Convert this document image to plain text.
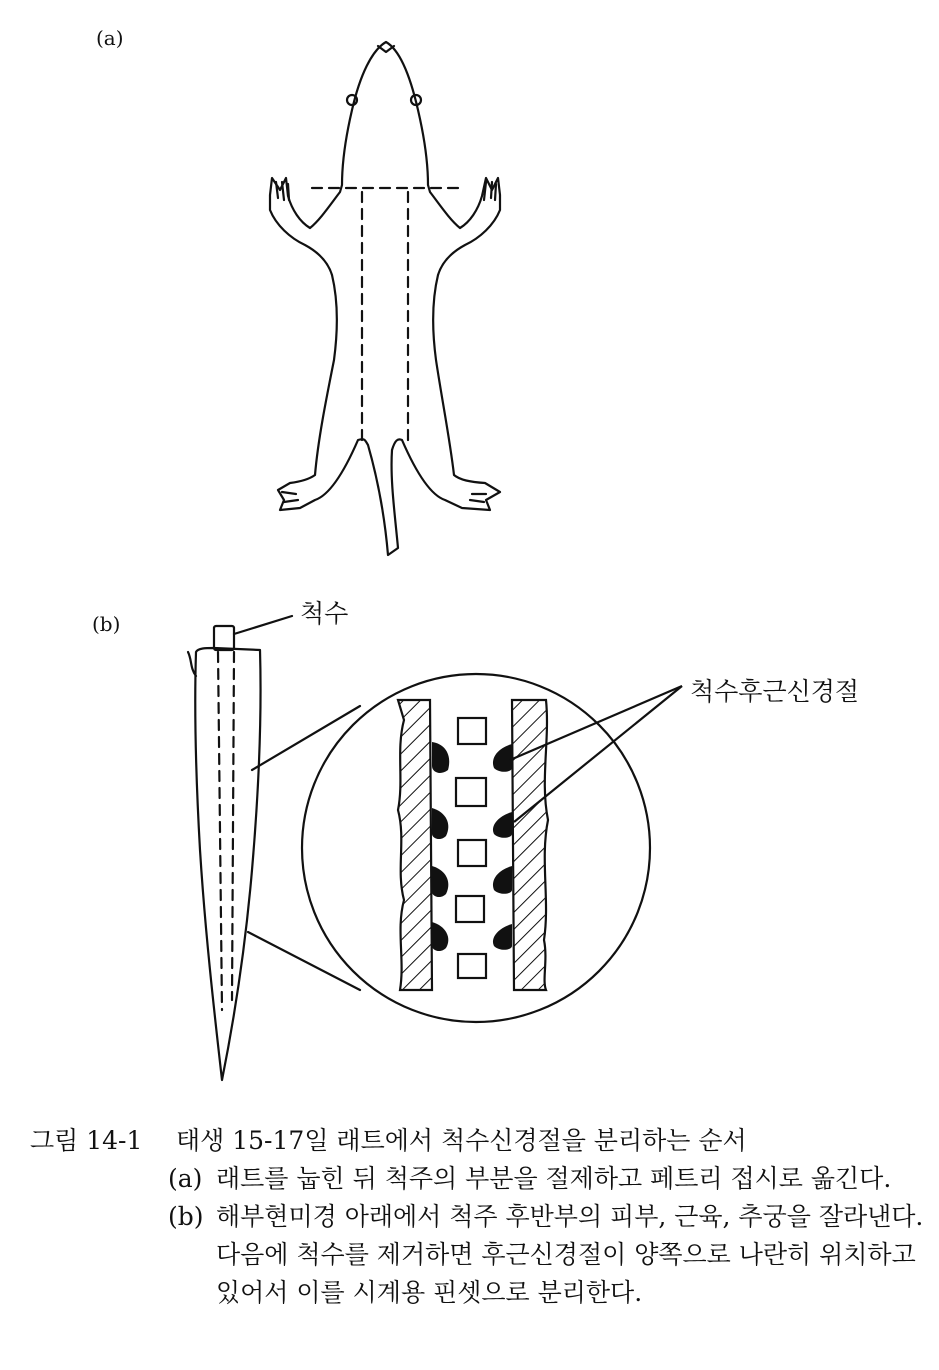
(a)
(b)	척수
척수후근신경절
그림 14-1	태생 15-17일 래트에서 척수신경절을 분리하는 순서
(a) 래트를 눕힌 뒤 척주의 부분을 절제하고 페트리 접시로 옮긴다.
(b) 해부현미경 아래에서 척주 후반부의 피부, 근육, 추궁을 잘라낸다. 다음에 척수를 제거하면 후근신경절이 양쪽으로 나란히 위치하고 있어서 이를 시계용 핀셋으로 분리한다.
